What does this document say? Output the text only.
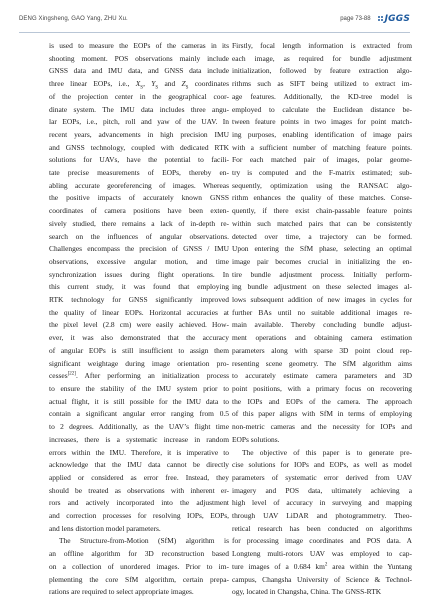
DENG Xingsheng, GAO Yang, ZHU Xu.	page 73-88 JGGS

is used to measure the EOPs of the cameras in its
shooting moment. POS observations mainly include
GNSS data and IMU data, and GNSS data include
three linear EOPs, i.e., $X_S$, $Y_S$ and $Z_S$ coordinates
of the projection center in the geographical coor-
dinate system. The IMU data includes three angu-
lar EOPs, i.e., pitch, roll and yaw of the UAV. In
recent years, advancements in high precision IMU
and GNSS technology, coupled with dedicated RTK
solutions for UAVs, have the potential to facili-
tate precise measurements of EOPs, thereby en-
abling accurate georeferencing of images. Whereas
the positive impacts of accurately known GNSS
coordinates of camera positions have been exten-
sively studied, there remains a lack of in-depth re-
search on the influences of angular observations.
Challenges encompass the precision of GNSS / IMU
observations, excessive angular motion, and time
synchronization issues during flight operations. In
this current study, it was found that employing
RTK technology for GNSS significantly improved
the quality of linear EOPs. Horizontal accuracies at
the pixel level (2.8 cm) were easily achieved. How-
ever, it was also demonstrated that the accuracy
of angular EOPs is still insufficient to assign them
significant weightage during image orientation pro-
cesses[22]. After performing an initialization process
to ensure the stability of the IMU system prior to
actual flight, it is still possible for the IMU data to
contain a significant angular error ranging from 0.5
to 2 degrees. Additionally, as the UAV’s flight time
increases, there is a systematic increase in random
errors within the IMU. Therefore, it is imperative to
acknowledge that the IMU data cannot be directly
applied or considered as error free. Instead, they
should be treated as observations with inherent er-
rors and actively incorporated into the adjustment
and correction processes for resolving IOPs, EOPs,
and lens distortion model parameters.

The Structure-from-Motion (SfM) algorithm is
an offline algorithm for 3D reconstruction based
on a collection of unordered images. Prior to im-
plementing the core SfM algorithm, certain prepa-
rations are required to select appropriate images.

Firstly, focal length information is extracted from
each image, as required for bundle adjustment
initialization, followed by feature extraction algo-
rithms such as SIFT being utilized to extract im-
age features. Additionally, the KD-tree model is
employed to calculate the Euclidean distance be-
tween feature points in two images for point match-
ing purposes, enabling identification of image pairs
with a sufficient number of matching feature points.
For each matched pair of images, polar geome-
try is computed and the F-matrix estimated; sub-
sequently, optimization using the RANSAC algo-
rithm enhances the quality of these matches. Conse-
quently, if there exist chain-passable feature points
within such matched pairs that can be consistently
detected over time, a trajectory can be formed.
Upon entering the SfM phase, selecting an optimal
image pair becomes crucial in initializing the en-
tire bundle adjustment process. Initially perform-
ing bundle adjustment on these selected images al-
lows subsequent addition of new images in cycles for
further BAs until no suitable additional images re-
main available. Thereby concluding bundle adjust-
ment operations and obtaining camera estimation
parameters along with sparse 3D point cloud rep-
resenting scene geometry. The SfM algorithm aims
to accurately estimate camera parameters and 3D
point positions, with a primary focus on recovering
the IOPs and EOPs of the camera. The approach
of this paper aligns with SfM in terms of employing
non-metric cameras and the necessity for IOPs and
EOPs solutions.

The objective of this paper is to generate pre-
cise solutions for IOPs and EOPs, as well as model
parameters of systematic error derived from UAV
imagery and POS data, ultimately achieving a
high level of accuracy in surveying and mapping
through UAV LiDAR and photogrammetry. Theo-
retical research has been conducted on algorithms
for processing image coordinates and POS data. A
Longteng multi-rotors UAV was employed to cap-
ture images of a 0.684 $km^2$ area within the Yuntang
campus, Changsha University of Science & Technol-
ogy, located in Changsha, China. The GNSS-RTK
